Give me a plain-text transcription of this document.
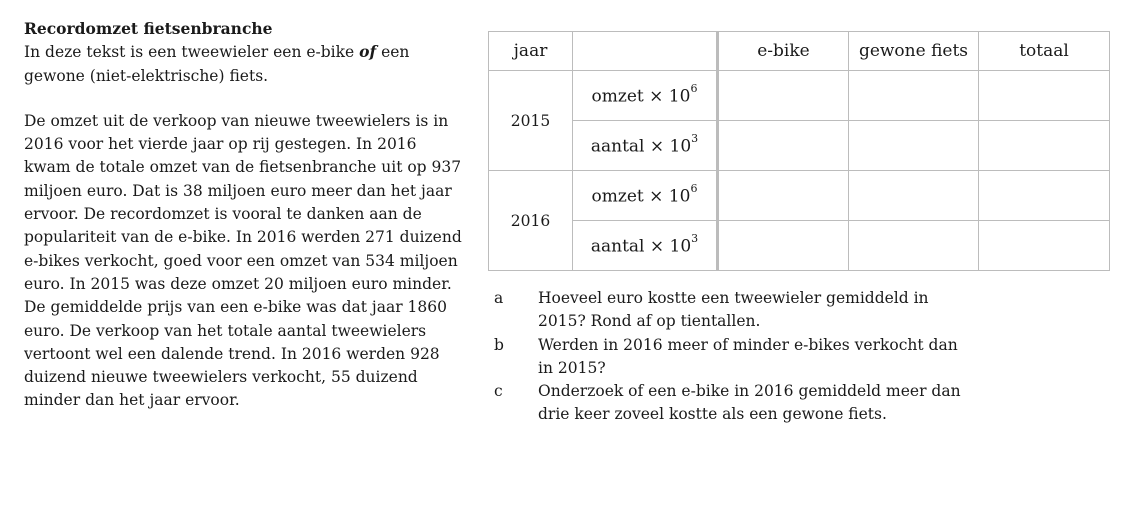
Recordomzet fietsenbranche

In deze tekst is een tweewieler een e-bike of een gewone (niet-elektrische) fiets.

De omzet uit de verkoop van nieuwe tweewielers is in 2016 voor het vierde jaar op rij gestegen. In 2016 kwam de totale omzet van de fietsenbranche uit op 937 miljoen euro. Dat is 38 miljoen euro meer dan het jaar ervoor. De recordomzet is vooral te danken aan de populariteit van de e-bike. In 2016 werden 271 duizend e-bikes verkocht, goed voor een omzet van 534 miljoen euro. In 2015 was deze omzet 20 miljoen euro minder. De gemiddelde prijs van een e-bike was dat jaar 1860 euro. De verkoop van het totale aantal tweewielers vertoont wel een dalende trend. In 2016 werden 928 duizend nieuwe tweewielers verkocht, 55 duizend minder dan het jaar ervoor.

jaar		e-bike	gewone fiets	totaal
2015	omzet × $10^6$			
	aantal × $10^3$			
2016	omzet × $10^6$			
	aantal × $10^3$			
a	Hoeveel euro kostte een tweewieler gemiddeld in 2015? Rond af op tientallen.
b	Werden in 2016 meer of minder e-bikes verkocht dan in 2015?
c	Onderzoek of een e-bike in 2016 gemiddeld meer dan drie keer zoveel kostte als een gewone fiets.
